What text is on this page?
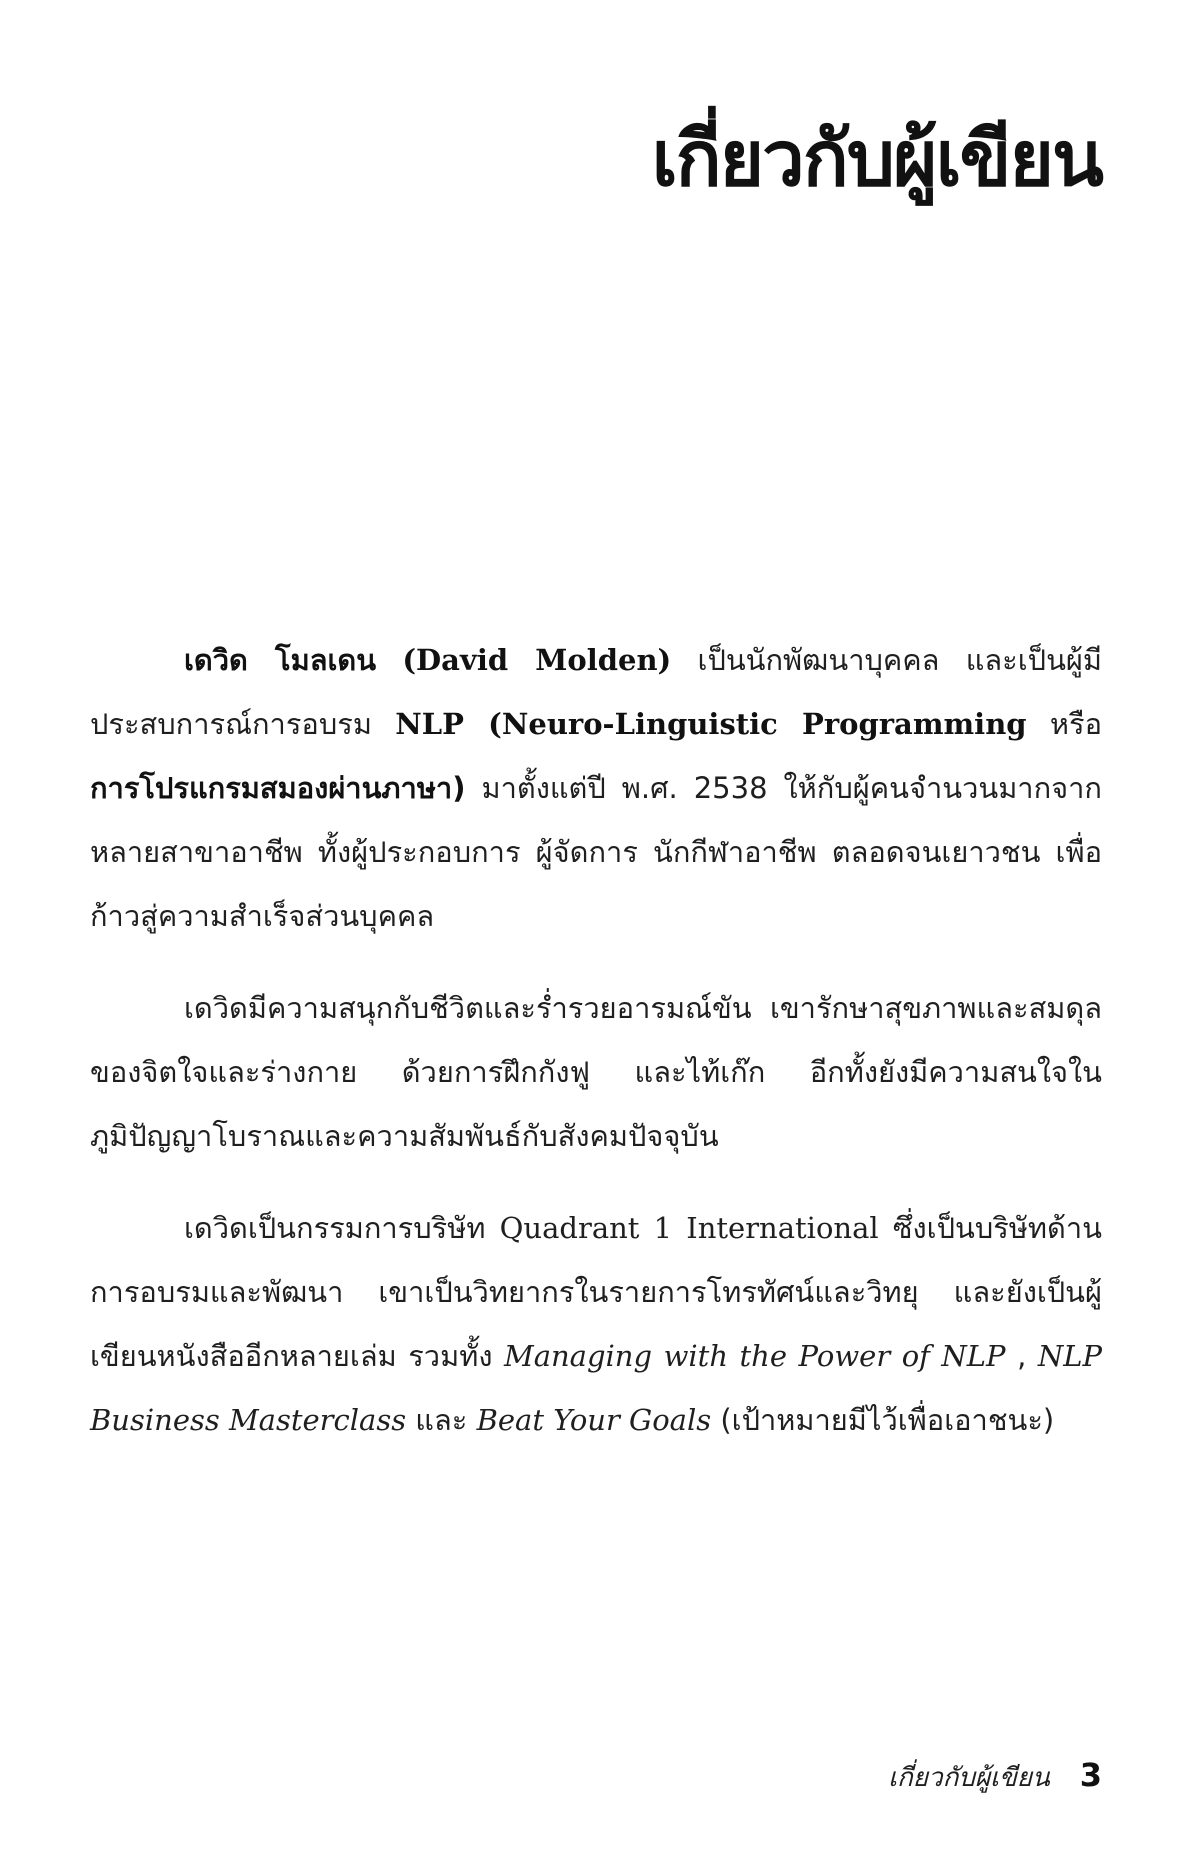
เกี่ยวกับผู้เขียน

เดวิด โมลเดน (David Molden) เป็นนักพัฒนาบุคคล และเป็นผู้มีประสบการณ์การอบรม NLP (Neuro-Linguistic Programming หรือ การโปรแกรมสมองผ่านภาษา) มาตั้งแต่ปี พ.ศ. 2538 ให้กับผู้คนจำนวนมากจากหลายสาขาอาชีพ ทั้งผู้ประกอบการ ผู้จัดการ นักกีฬาอาชีพ ตลอดจนเยาวชน เพื่อก้าวสู่ความสำเร็จส่วนบุคคล

เดวิดมีความสนุกกับชีวิตและร่ำรวยอารมณ์ขัน เขารักษาสุขภาพและสมดุลของจิตใจและร่างกาย ด้วยการฝึกกังฟู และไท้เก๊ก อีกทั้งยังมีความสนใจในภูมิปัญญาโบราณและความสัมพันธ์กับสังคมปัจจุบัน

เดวิดเป็นกรรมการบริษัท Quadrant 1 International ซึ่งเป็นบริษัทด้านการอบรมและพัฒนา เขาเป็นวิทยากรในรายการโทรทัศน์และวิทยุ และยังเป็นผู้เขียนหนังสืออีกหลายเล่ม รวมทั้ง Managing with the Power of NLP , NLP Business Masterclass และ Beat Your Goals (เป้าหมายมีไว้เพื่อเอาชนะ)

เกี่ยวกับผู้เขียน 3
